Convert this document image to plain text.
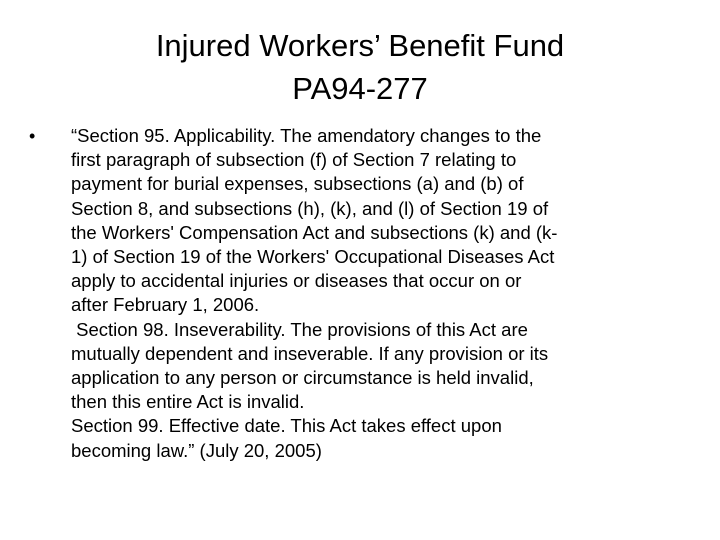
Injured Workers’ Benefit Fund
PA94-277
•	“Section 95. Applicability. The amendatory changes to the
first paragraph of subsection (f) of Section 7 relating to
payment for burial expenses, subsections (a) and (b) of
Section 8, and subsections (h), (k), and (l) of Section 19 of
the Workers' Compensation Act and subsections (k) and (k-
1) of Section 19 of the Workers' Occupational Diseases Act
apply to accidental injuries or diseases that occur on or
after February 1, 2006.
Section 98. Inseverability. The provisions of this Act are
mutually dependent and inseverable. If any provision or its
application to any person or circumstance is held invalid,
then this entire Act is invalid.
Section 99. Effective date. This Act takes effect upon
becoming law.” (July 20, 2005)
